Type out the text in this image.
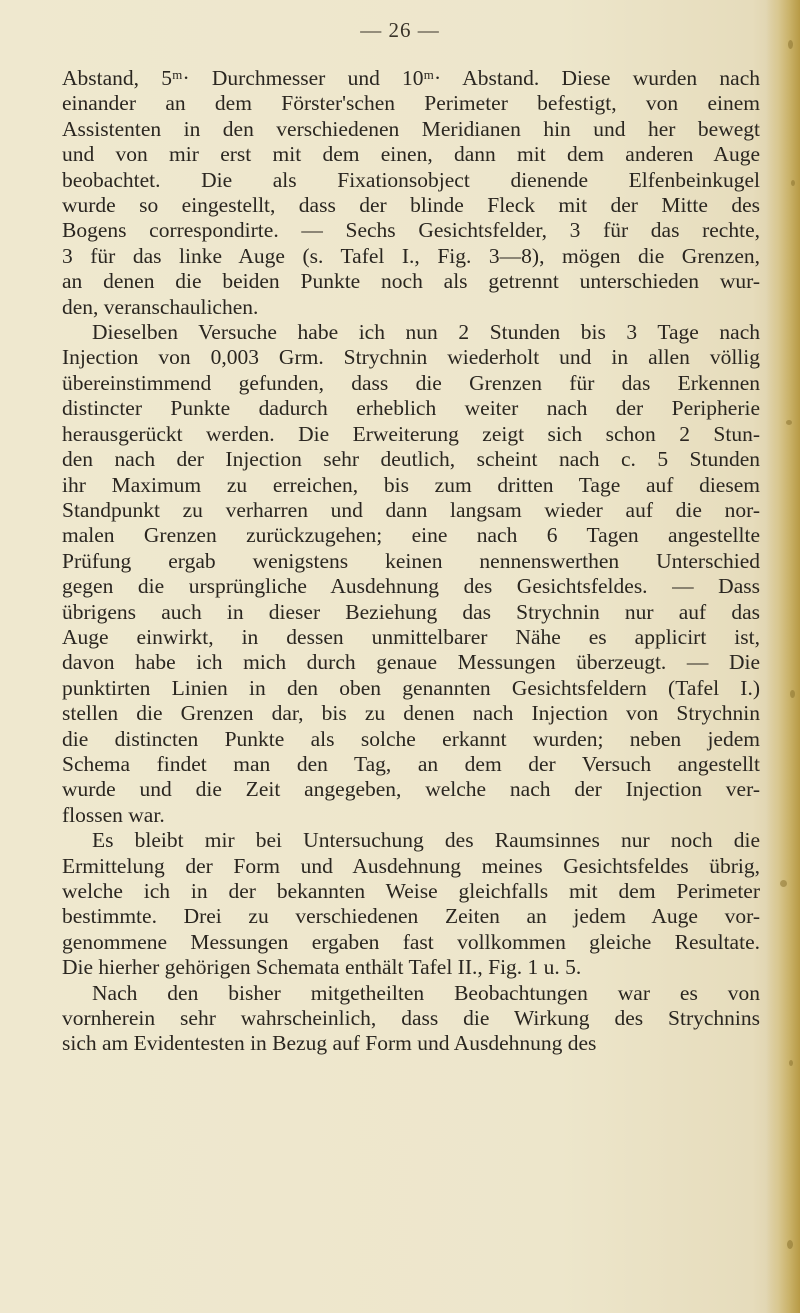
— 26 —
Abstand, 5ᵐ· Durchmesser und 10ᵐ· Abstand. Diese wurden nach
einander an dem Förster'schen Perimeter befestigt, von einem
Assistenten in den verschiedenen Meridianen hin und her bewegt
und von mir erst mit dem einen, dann mit dem anderen Auge
beobachtet. Die als Fixationsobject dienende Elfenbeinkugel
wurde so eingestellt, dass der blinde Fleck mit der Mitte des
Bogens correspondirte. — Sechs Gesichtsfelder, 3 für das rechte,
3 für das linke Auge (s. Tafel I., Fig. 3—8), mögen die Grenzen,
an denen die beiden Punkte noch als getrennt unterschieden wur-
den, veranschaulichen.
Dieselben Versuche habe ich nun 2 Stunden bis 3 Tage nach
Injection von 0,003 Grm. Strychnin wiederholt und in allen völlig
übereinstimmend gefunden, dass die Grenzen für das Erkennen
distincter Punkte dadurch erheblich weiter nach der Peripherie
herausgerückt werden. Die Erweiterung zeigt sich schon 2 Stun-
den nach der Injection sehr deutlich, scheint nach c. 5 Stunden
ihr Maximum zu erreichen, bis zum dritten Tage auf diesem
Standpunkt zu verharren und dann langsam wieder auf die nor-
malen Grenzen zurückzugehen; eine nach 6 Tagen angestellte
Prüfung ergab wenigstens keinen nennenswerthen Unterschied
gegen die ursprüngliche Ausdehnung des Gesichtsfeldes. — Dass
übrigens auch in dieser Beziehung das Strychnin nur auf das
Auge einwirkt, in dessen unmittelbarer Nähe es applicirt ist,
davon habe ich mich durch genaue Messungen überzeugt. — Die
punktirten Linien in den oben genannten Gesichtsfeldern (Tafel I.)
stellen die Grenzen dar, bis zu denen nach Injection von Strychnin
die distincten Punkte als solche erkannt wurden; neben jedem
Schema findet man den Tag, an dem der Versuch angestellt
wurde und die Zeit angegeben, welche nach der Injection ver-
flossen war.
Es bleibt mir bei Untersuchung des Raumsinnes nur noch die
Ermittelung der Form und Ausdehnung meines Gesichtsfeldes übrig,
welche ich in der bekannten Weise gleichfalls mit dem Perimeter
bestimmte. Drei zu verschiedenen Zeiten an jedem Auge vor-
genommene Messungen ergaben fast vollkommen gleiche Resultate.
Die hierher gehörigen Schemata enthält Tafel II., Fig. 1 u. 5.
Nach den bisher mitgetheilten Beobachtungen war es von
vornherein sehr wahrscheinlich, dass die Wirkung des Strychnins
sich am Evidentesten in Bezug auf Form und Ausdehnung des
